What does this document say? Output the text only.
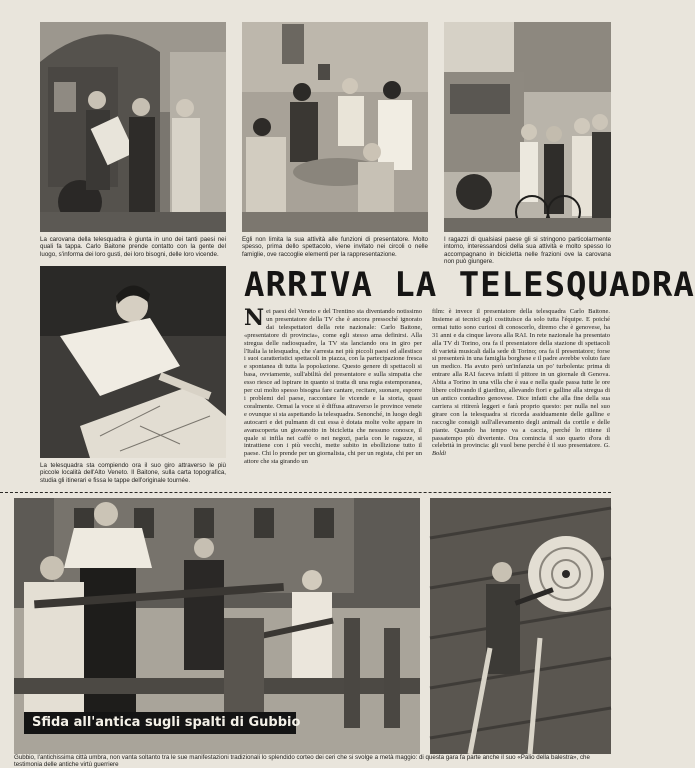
La carovana della telesquadra è giunta in uno dei tanti paesi nei quali fa tappa. Carlo Baitone prende contatto con la gente del luogo, s'informa dei loro gusti, dei loro bisogni, delle loro vicende.

Egli non limita la sua attività alle funzioni di presentatore. Molto spesso, prima dello spettacolo, viene invitato nei circoli o nelle famiglie, ove raccoglie elementi per la rappresentazione.

I ragazzi di qualsiasi paese gli si stringono particolarmente intorno, interessandosi della sua attività e molto spesso lo accompagnano in bicicletta nelle frazioni ove la carovana non può giungere.

La telesquadra sta compiendo ora il suo giro attraverso le più piccole località dell'Alto Veneto. Il Baitone, sulla carta topografica, studia gli itinerari e fissa le tappe dell'originale tournée.

ARRIVA LA TELESQUADRA

Nei paesi del Veneto e del Trentino sta diventando notissimo un presentatore della TV che è ancora pressoché ignorato dai telespettatori della rete nazionale: Carlo Baitone, «presentatore di provincia», come egli stesso ama definirsi. Alla stregua delle radiosquadre, la TV sta lanciando ora in giro per l'Italia la telesquadra, che s'arresta nei più piccoli paesi ed allestisce i suoi caratteristici spettacoli in piazza, con la partecipazione fresca e spontanea di tutta la popolazione. Questo genere di spettacoli si basa, ovviamente, sull'abilità del presentatore e sulla simpatia che esso riesce ad ispirare in quanto si tratta di una regia estemporanea, per cui molto spesso bisogna fare cantare, recitare, suonare, esporre i problemi del paese, raccontare le vicende e la storia, quasi coralmente. Ormai la voce si è diffusa attraverso le province venete e ovunque si sta aspettando la telesquadra. Senonché, in luogo degli autocarri e dei pulmann di cui essa è dotata molte volte appare in avanscoperta un giovanotto in bicicletta che nessuno conosce, il quale si infila nei caffè o nei negozi, parla con le ragazze, si intrattiene con i più vecchi, mette subito in ebollizione tutto il paese. Chi lo prende per un giornalista, chi per un regista, chi per un attore che sta girando un

film: è invece il presentatore della telesquadra Carlo Baitone. Insieme ai tecnici egli costituisce da solo tutta l'équipe. E poiché ormai tutto sono curiosi di conoscerlo, diremo che è genovese, ha 31 anni e da cinque lavora alla RAI. In rete nazionale ha presentato alla TV di Torino, ora fa il presentatore della stazione di spettacoli di varietà musicali dalla sede di Torino; ora fa il presentatore; forse si presenterà in una famiglia borghese e il padre avrebbe voluto fare un medico. Ha avuto però un'infanzia un po' turbolenta: prima di entrare alla RAI faceva infatti il pittore in un giornale di Genova. Abita a Torino in una villa che è sua e nella quale passa tutte le ore libere coltivando il giardino, allevando fiori e galline alla stregua di un antico contadino genovese. Dice infatti che alla fine della sua carriera si ritirerà leggeri e farà proprio questo: per nulla nel suo girare con la telesquadra si ricorda assiduamente delle galline e raccoglie consigli sull'allevamento degli animali da cortile e delle piante. Quando ha tempo va a caccia, perché lo ritiene il passatempo più divertente. Ora comincia il suo quarto d'ora di celebrità in provincia: gli vuol bene perché è il suo presentatore. G. Boldi

Sfida all'antica sugli spalti di Gubbio

Gubbio, l'antichissima città umbra, non vanta soltanto tra le sue manifestazioni tradizionali lo splendido corteo dei ceri che si svolge a metà maggio: di questa gara fa parte anche il suo «Palio della balestra», che testimonia delle antiche virtù guerriere
